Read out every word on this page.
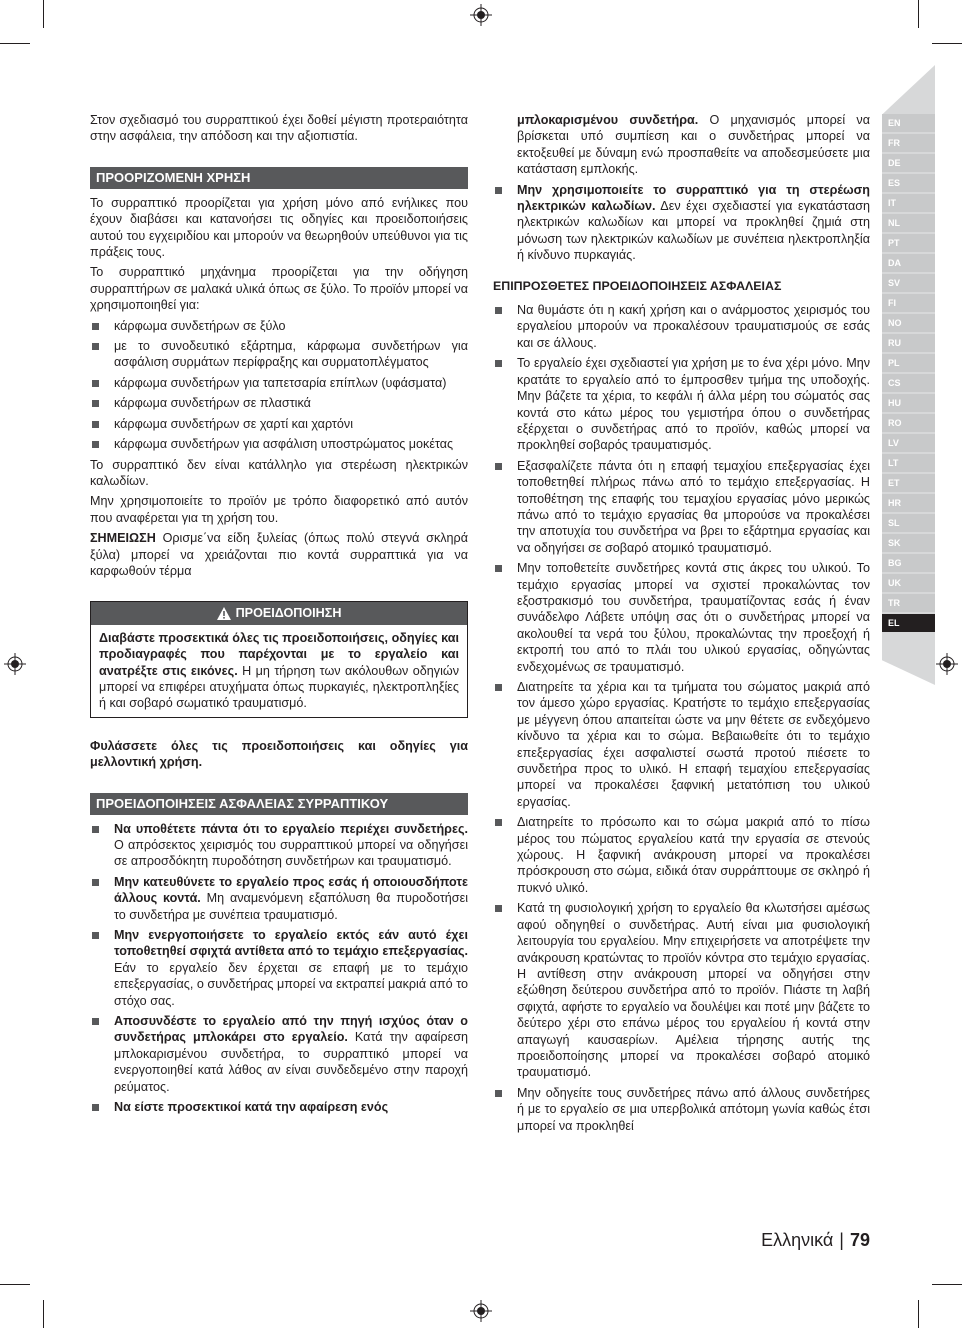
EN
FR
DE
ES
IT
NL
PT
DA
SV
FI
NO
RU
PL
CS
HU
RO
LV
LT
ET
HR
SL
SK
BG
UK
TR
EL

Στον σχεδιασμό του συρραπτικού έχει δοθεί μέγιστη προτεραιότητα στην ασφάλεια, την απόδοση και την αξιοπιστία.

ΠΡΟΟΡΙΖΟΜΕΝΗ ΧΡΗΣΗ

Το συρραπτικό προορίζεται για χρήση μόνο από ενήλικες που έχουν διαβάσει και κατανοήσει τις οδηγίες και προειδοποιήσεις αυτού του εγχειριδίου και μπορούν να θεωρηθούν υπεύθυνοι για τις πράξεις τους.

Το συρραπτικό μηχάνημα προορίζεται για την οδήγηση συρραπτήρων σε μαλακά υλικά όπως σε ξύλο. Το προϊόν μπορεί να χρησιμοποιηθεί για:

κάρφωμα συνδετήρων σε ξύλο
με το συνοδευτικό εξάρτημα, κάρφωμα συνδετήρων για ασφάλιση συρμάτων περίφραξης και συρματοπλέγματος
κάρφωμα συνδετήρων για ταπετσαρία επίπλων (υφάσματα)
κάρφωμα συνδετήρων σε πλαστικά
κάρφωμα συνδετήρων σε χαρτί και χαρτόνι
κάρφωμα συνδετήρων για ασφάλιση υποστρώματος μοκέτας

Το συρραπτικό δεν είναι κατάλληλο για στερέωση ηλεκτρικών καλωδίων.

Μην χρησιμοποιείτε το προϊόν με τρόπο διαφορετικό από αυτόν που αναφέρεται για τη χρήση του.

ΣΗΜΕΙΩΣΗ Ορισμε΄να είδη ξυλείας (όπως πολύ στεγνά σκληρά ξύλα) μπορεί να χρειάζονται πιο κοντά συρραπτικά για να καρφωθούν τέρμα

ΠΡΟΕΙΔΟΠΟΙΗΣΗ
Διαβάστε προσεκτικά όλες τις προειδοποιήσεις, οδηγίες και προδιαγραφές που παρέχονται με το εργαλείο και ανατρέξτε στις εικόνες. Η μη τήρηση των ακόλουθων οδηγιών μπορεί να επιφέρει ατυχήματα όπως πυρκαγιές, ηλεκτροπληξίες ή και σοβαρό σωματικό τραυματισμό.

Φυλάσσετε όλες τις προειδοποιήσεις και οδηγίες για μελλοντική χρήση.

ΠΡΟΕΙΔΟΠΟΙΗΣΕΙΣ ΑΣΦΑΛΕΙΑΣ ΣΥΡΡΑΠΤΙΚΟΥ
Να υποθέτετε πάντα ότι το εργαλείο περιέχει συνδετήρες. Ο απρόσεκτος χειρισμός του συρραπτικού μπορεί να οδηγήσει σε απροσδόκητη πυροδότηση συνδετήρων και τραυματισμό.
Μην κατευθύνετε το εργαλείο προς εσάς ή οποιουσδήποτε άλλους κοντά. Μη αναμενόμενη εξαπόλυση θα πυροδοτήσει το συνδετήρα με συνέπεια τραυματισμό.
Μην ενεργοποιήσετε το εργαλείο εκτός εάν αυτό έχει τοποθετηθεί σφιχτά αντίθετα από το τεμάχιο επεξεργασίας. Εάν το εργαλείο δεν έρχεται σε επαφή με το τεμάχιο επεξεργασίας, ο συνδετήρας μπορεί να εκτραπεί μακριά από το στόχο σας.
Αποσυνδέστε το εργαλείο από την πηγή ισχύος όταν ο συνδετήρας μπλοκάρει στο εργαλείο. Κατά την αφαίρεση μπλοκαρισμένου συνδετήρα, το συρραπτικό μπορεί να ενεργοποιηθεί κατά λάθος αν είναι συνδεδεμένο στην παροχή ρεύματος.
Να είστε προσεκτικοί κατά την αφαίρεση ενός

μπλοκαρισμένου συνδετήρα. Ο μηχανισμός μπορεί να βρίσκεται υπό συμπίεση και ο συνδετήρας μπορεί να εκτοξευθεί με δύναμη ενώ προσπαθείτε να αποδεσμεύσετε μια κατάσταση εμπλοκής.

Μην χρησιμοποιείτε το συρραπτικό για τη στερέωση ηλεκτρικών καλωδίων. Δεν έχει σχεδιαστεί για εγκατάσταση ηλεκτρικών καλωδίων και μπορεί να προκληθεί ζημιά στη μόνωση των ηλεκτρικών καλωδίων με συνέπεια ηλεκτροπληξία ή κίνδυνο πυρκαγιάς.
ΕΠΙΠΡΟΣΘΕΤΕΣ ΠΡΟΕΙΔΟΠΟΙΗΣΕΙΣ ΑΣΦΑΛΕΙΑΣ
Να θυμάστε ότι η κακή χρήση και ο ανάρμοστος χειρισμός του εργαλείου μπορούν να προκαλέσουν τραυματισμούς σε εσάς και σε άλλους.
Το εργαλείο έχει σχεδιαστεί για χρήση με το ένα χέρι μόνο. Μην κρατάτε το εργαλείο από το έμπροσθεν τμήμα της υποδοχής. Μην βάζετε τα χέρια, το κεφάλι ή άλλα μέρη του σώματός σας κοντά στο κάτω μέρος του γεμιστήρα όπου ο συνδετήρας εξέρχεται ο συνδετήρας από το προϊόν, καθώς μπορεί να προκληθεί σοβαρός τραυματισμός.
Εξασφαλίζετε πάντα ότι η επαφή τεμαχίου επεξεργασίας έχει τοποθετηθεί πλήρως πάνω από το τεμάχιο επεξεργασίας. Η τοποθέτηση της επαφής του τεμαχίου εργασίας μόνο μερικώς πάνω από το τεμάχιο εργασίας θα μπορούσε να προκαλέσει την αποτυχία του συνδετήρα να βρει το εξάρτημα εργασίας και να οδηγήσει σε σοβαρό ατομικό τραυματισμό.
Μην τοποθετείτε συνδετήρες κοντά στις άκρες του υλικού. Το τεμάχιο εργασίας μπορεί να σχιστεί προκαλώντας τον εξοστρακισμό του συνδετήρα, τραυματίζοντας εσάς ή έναν συνάδελφο Λάβετε υπόψη σας ότι ο συνδετήρας μπορεί να ακολουθεί τα νερά του ξύλου, προκαλώντας την προεξοχή ή εκτροπή του από το πλάι του υλικού εργασίας, οδηγώντας ενδεχομένως σε τραυματισμό.
Διατηρείτε τα χέρια και τα τμήματα του σώματος μακριά από τον άμεσο χώρο εργασίας. Κρατήστε το τεμάχιο επεξεργασίας με μέγγενη όπου απαιτείται ώστε να μην θέτετε σε ενδεχόμενο κίνδυνο τα χέρια και το σώμα. Βεβαιωθείτε ότι το τεμάχιο επεξεργασίας έχει ασφαλιστεί σωστά προτού πιέσετε το συνδετήρα προς το υλικό. Η επαφή τεμαχίου επεξεργασίας μπορεί να προκαλέσει ξαφνική μετατόπιση του υλικού εργασίας.
Διατηρείτε το πρόσωπο και το σώμα μακριά από το πίσω μέρος του πώματος εργαλείου κατά την εργασία σε στενούς χώρους. Η ξαφνική ανάκρουση μπορεί να προκαλέσει πρόσκρουση στο σώμα, ειδικά όταν συρράπτουμε σε σκληρό ή πυκνό υλικό.
Κατά τη φυσιολογική χρήση το εργαλείο θα κλωτσήσει αμέσως αφού οδηγηθεί ο συνδετήρας. Αυτή είναι μια φυσιολογική λειτουργία του εργαλείου. Μην επιχειρήσετε να αποτρέψετε την ανάκρουση κρατώντας το προϊόν κόντρα στο τεμάχιο εργασίας. Η αντίθεση στην ανάκρουση μπορεί να οδηγήσει στην εξώθηση δεύτερου συνδετήρα από το προϊόν. Πιάστε τη λαβή σφιχτά, αφήστε το εργαλείο να δουλέψει και ποτέ μην βάζετε το δεύτερο χέρι στο επάνω μέρος του εργαλείου ή κοντά στην απαγωγή καυσαερίων. Αμέλεια τήρησης αυτής της προειδοποίησης μπορεί να προκαλέσει σοβαρό ατομικό τραυματισμό.
Μην οδηγείτε τους συνδετήρες πάνω από άλλους συνδετήρες ή με το εργαλείο σε μια υπερβολικά απότομη γωνία καθώς έτσι μπορεί να προκληθεί
Ελληνικά | 79
